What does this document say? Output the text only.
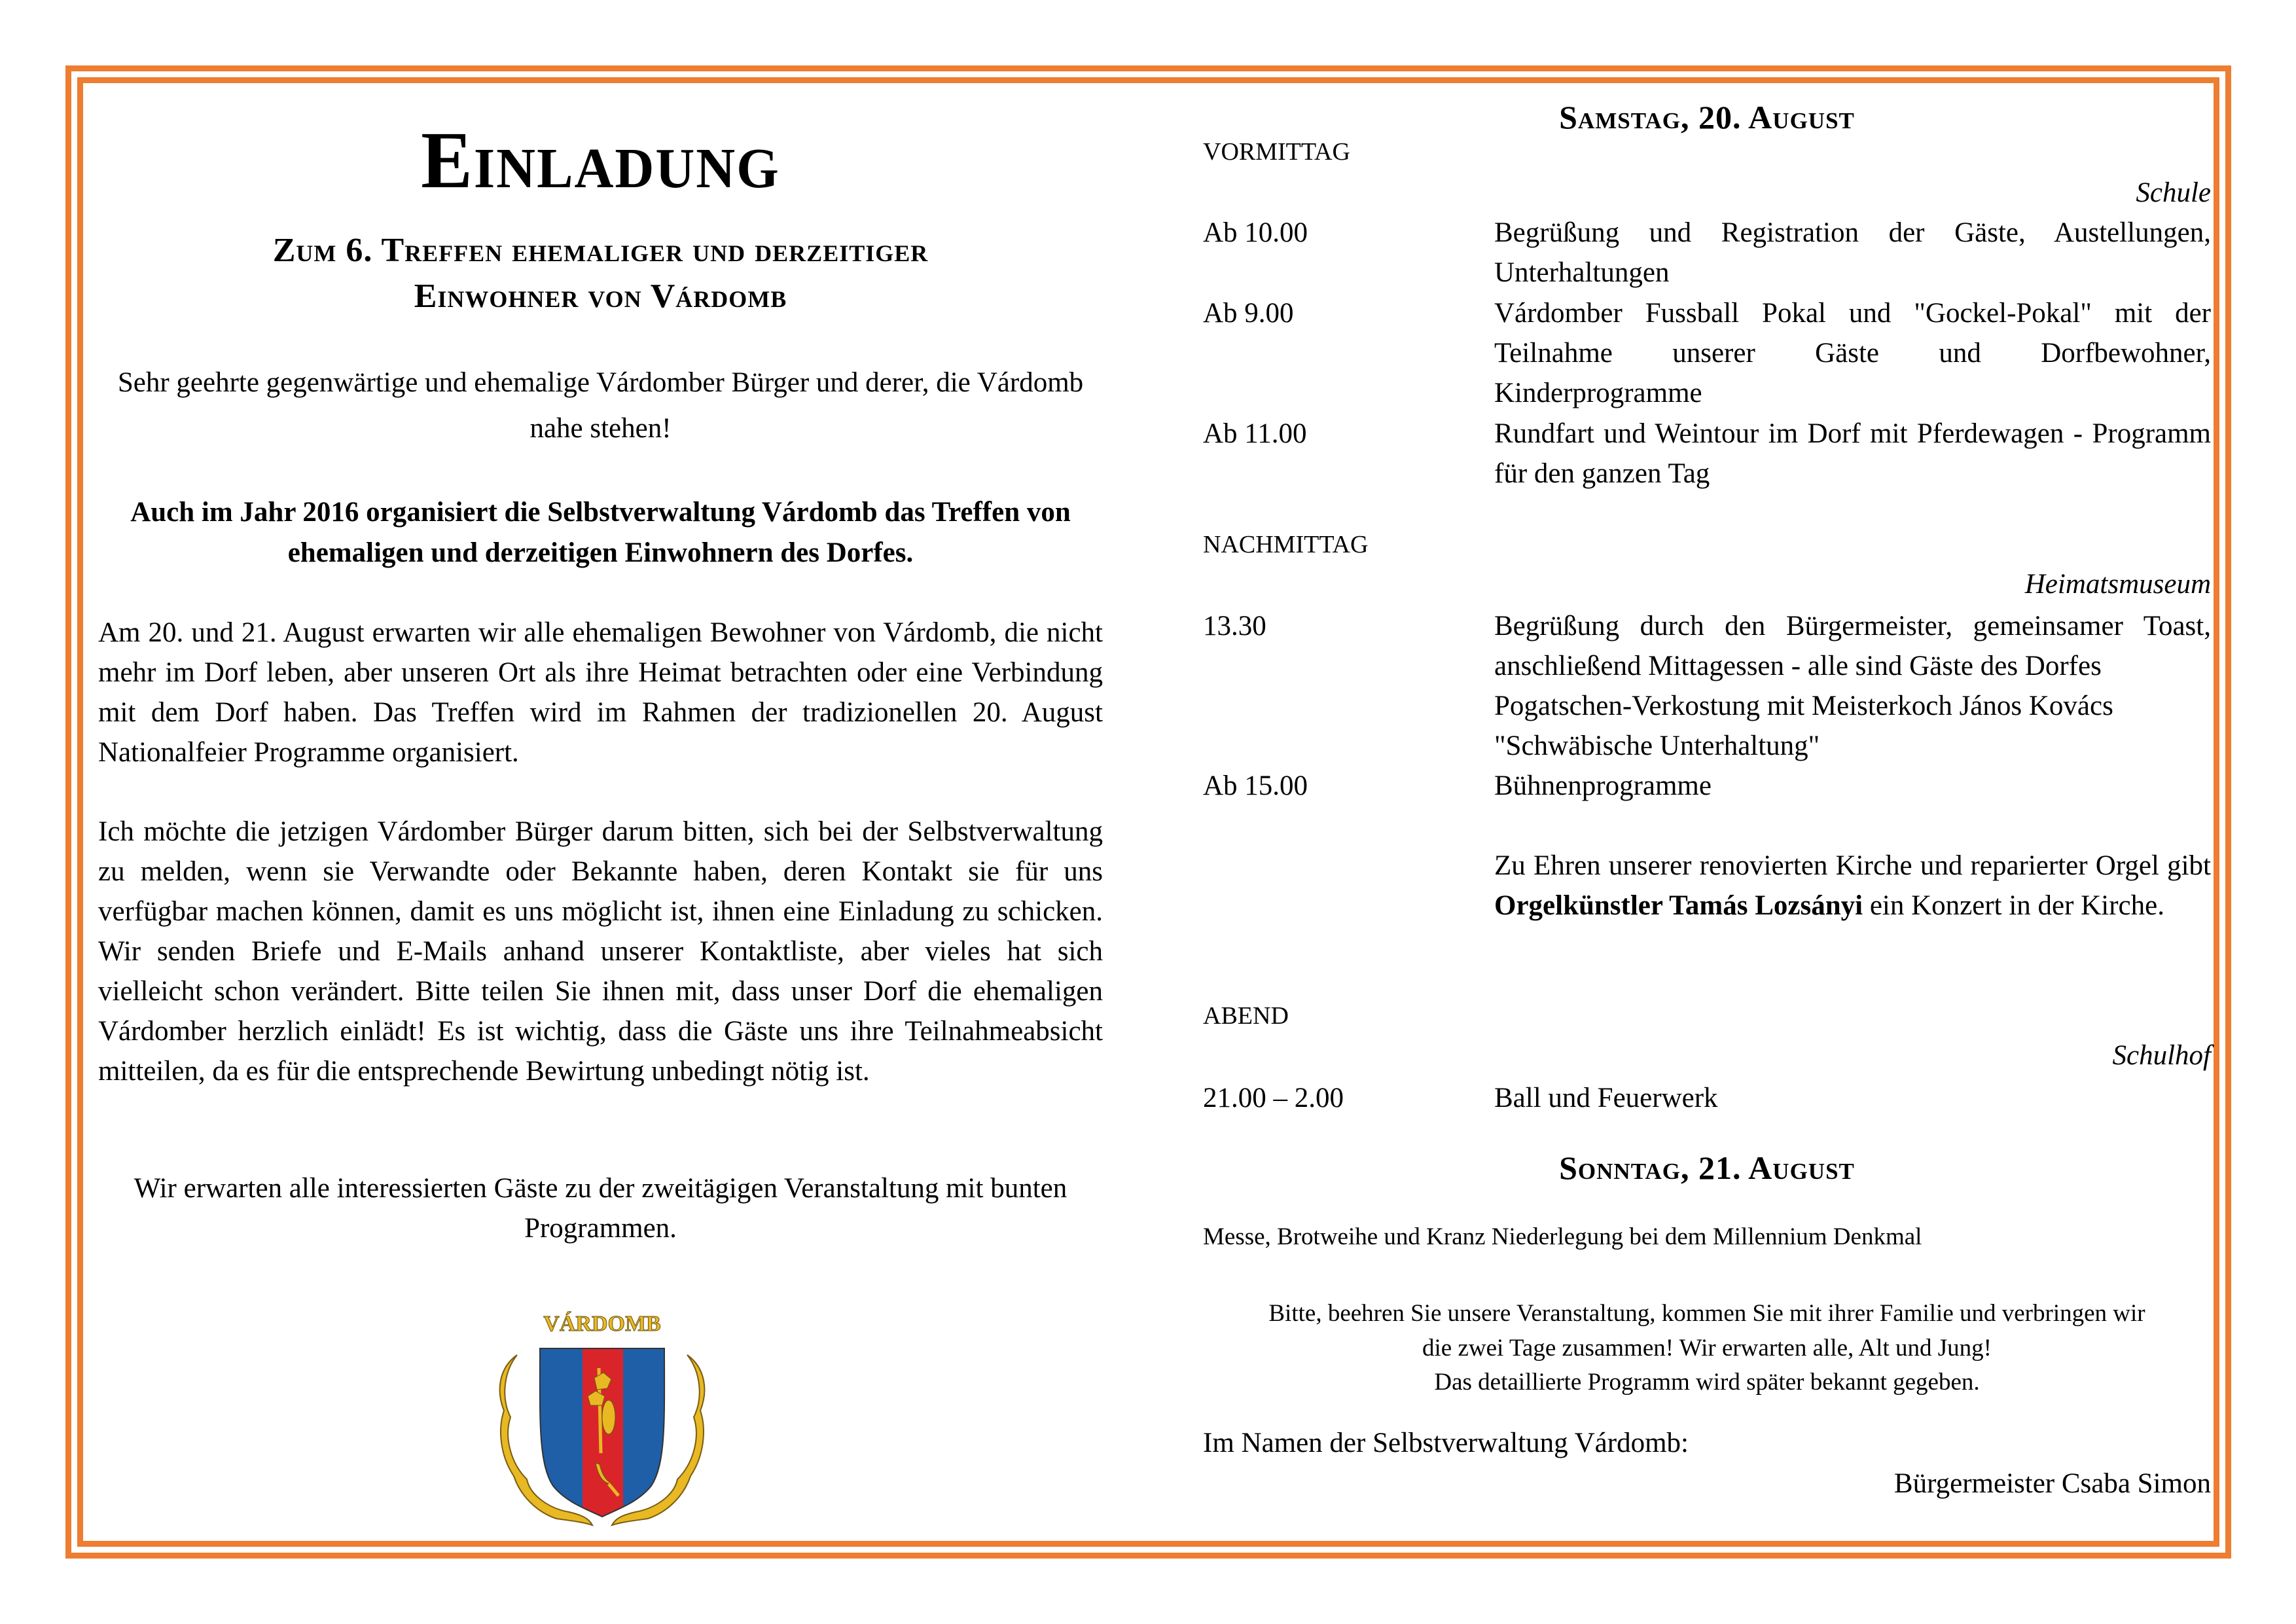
Einladung
Zum 6. Treffen ehemaliger und derzeitiger
Einwohner von Várdomb
Sehr geehrte gegenwärtige und ehemalige Várdomber Bürger und derer, die Várdomb nahe stehen!
Auch im Jahr 2016 organisiert die Selbstverwaltung Várdomb das Treffen von ehemaligen und derzeitigen Einwohnern des Dorfes.
Am 20. und 21. August erwarten wir alle ehemaligen Bewohner von Várdomb, die nicht mehr im Dorf leben, aber unseren Ort als ihre Heimat betrachten oder eine Verbindung mit dem Dorf haben. Das Treffen wird im Rahmen der tradizionellen 20. August Nationalfeier Programme organisiert.
Ich möchte die jetzigen Várdomber Bürger darum bitten, sich bei der Selbstverwaltung zu melden, wenn sie Verwandte oder Bekannte haben, deren Kontakt sie für uns verfügbar machen können, damit es uns möglicht ist, ihnen eine Einladung zu schicken. Wir senden Briefe und E-Mails anhand unserer Kontaktliste, aber vieles hat sich vielleicht schon verändert. Bitte teilen Sie ihnen mit, dass unser Dorf die ehemaligen Várdomber herzlich einlädt! Es ist wichtig, dass die Gäste uns ihre Teilnahmeabsicht mitteilen, da es für die entsprechende Bewirtung unbedingt nötig ist.
Wir erwarten alle interessierten Gäste zu der zweitägigen Veranstaltung mit bunten Programmen.
VÁRDOMB
Samstag, 20. August
VORMITTAG
Schule
Ab 10.00	Begrüßung und Registration der Gäste, Austellungen, Unterhaltungen
Ab 9.00	Várdomber Fussball Pokal und "Gockel-Pokal" mit der Teilnahme unserer Gäste und Dorfbewohner, Kinderprogramme
Ab 11.00	Rundfart und Weintour im Dorf mit Pferdewagen - Programm für den ganzen Tag
NACHMITTAG
Heimatsmuseum
13.30	Begrüßung durch den Bürgermeister, gemeinsamer Toast,
anschließend Mittagessen - alle sind Gäste des Dorfes
Pogatschen-Verkostung mit Meisterkoch János Kovács
"Schwäbische Unterhaltung"
Ab 15.00	Bühnenprogramme
Zu Ehren unserer renovierten Kirche und reparierter Orgel gibt Orgelkünstler Tamás Lozsányi ein Konzert in der Kirche.
ABEND
Schulhof
21.00 – 2.00	Ball und Feuerwerk
Sonntag, 21. August
Messe, Brotweihe und Kranz Niederlegung bei dem Millennium Denkmal
Bitte, beehren Sie unsere Veranstaltung, kommen Sie mit ihrer Familie und verbringen wir
die zwei Tage zusammen! Wir erwarten alle, Alt und Jung!
Das detaillierte Programm wird später bekannt gegeben.
Im Namen der Selbstverwaltung Várdomb:
Bürgermeister Csaba Simon
